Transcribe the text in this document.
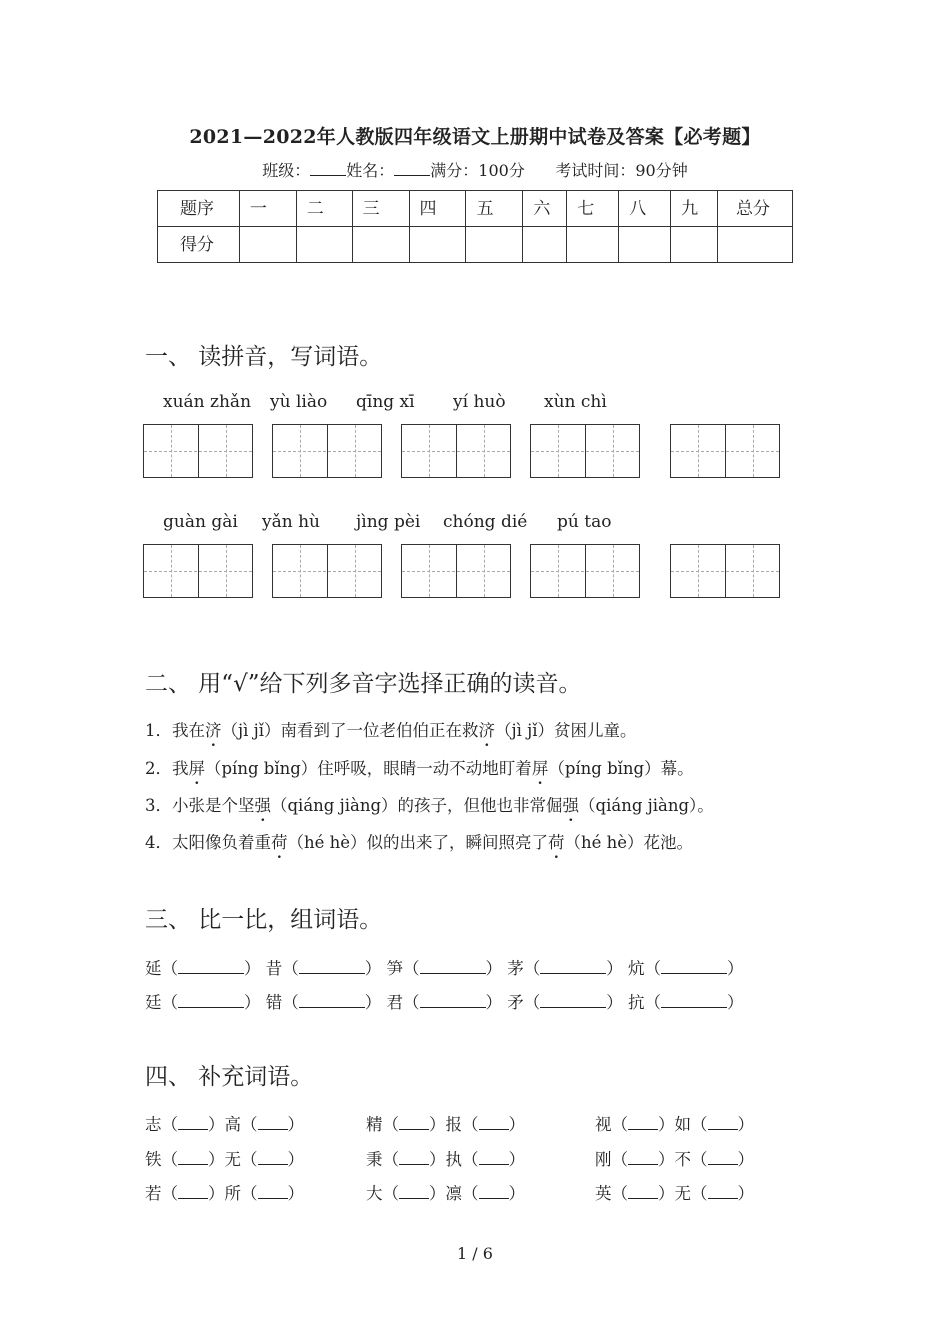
2021—2022年人教版四年级语文上册期中试卷及答案【必考题】
班级： 姓名： 满分：100分 考试时间：90分钟
题序	一	二	三	四	五	六	七	八	九	总分
得分										
一、 读拼音，写词语。
xuán zhǎn yù liào qīng xī yí huò xùn chì
guàn gài yǎn hù jìng pèi chóng dié pú tao
二、 用“√”给下列多音字选择正确的读音。
1．我在济（jì jǐ）南看到了一位老伯伯正在救济（jì jǐ）贫困儿童。
2．我屏（píng bǐng）住呼吸，眼睛一动不动地盯着屏（píng bǐng）幕。
3．小张是个坚强（qiáng jiàng）的孩子，但他也非常倔强（qiáng jiàng）。
4．太阳像负着重荷（hé hè）似的出来了，瞬间照亮了荷（hé hè）花池。
三、 比一比，组词语。
延（	） 昔（	） 笋（	） 茅（	） 炕（	）
廷（	） 错（	） 君（	） 矛（	） 抗（	）
四、 补充词语。
志（ ）高（ ）	精（ ）报（ ）	视（ ）如（ ）
铁（ ）无（ ）	秉（ ）执（ ）	刚（ ）不（ ）
若（ ）所（ ）	大（ ）凛（ ）	英（ ）无（ ）
1 / 6
